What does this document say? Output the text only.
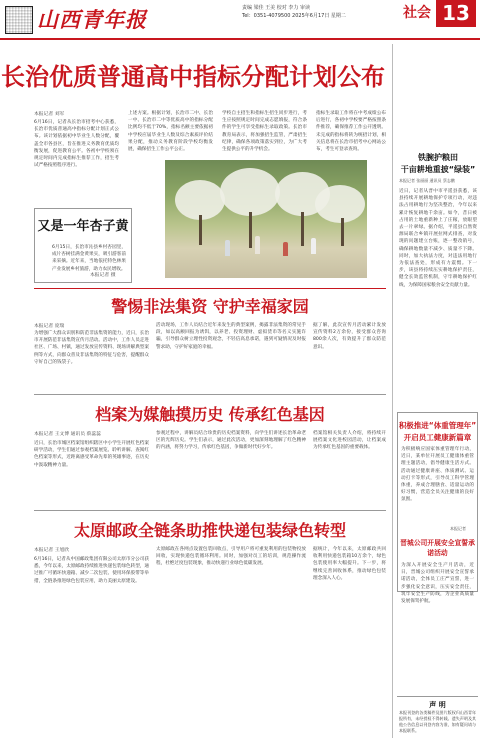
山西青年报	责编 梁佳 王美 校对 李力 审读
Tel：0351-4079500 2025年6月17日 星期二	社会 13
长治优质普通高中指标分配计划公布
本报记者 刘军
6月16日，记者从长治市招考中心获悉，长治市优质普通高中指标分配计划正式公布。该计划依据初中毕业生人数分配，覆盖全市各县区，旨在推进义务教育优质均衡发展，促进教育公平。各初中学校须在规定时间内完成指标生推荐工作，招生考试严格按照程序进行。
上述方案。根据计划，长治市二中、长治一中、长治市二中等优质高中的指标分配比例均不低于70%，指标名额主要依据初中学校应届毕业生人数及综合素质评价结果分配，推动义务教育阶段学校均衡发展，确保招生工作公平公正。
学校自主招生和指标生招生同步进行，考生应按照规定时间完成志愿填报，符合条件的学生可享受指标生录取政策。长治市教育局表示，将加强招生监管，严肃招生纪律，确保各项政策落实到位，为广大考生提供公平的升学机会。
指标生录取工作将在中考成绩公布后进行，各初中学校要严格按照条件推荐，确保推荐工作公开透明。未完成的指标将转为统招计划，相关信息将在长治市招考中心网站公布，考生可登录查询。
又是一年杏子黄
6月15日，长治市沁县乡村杏园里，成片杏树挂满金黄果实，吸引游客前来采摘。近年来，当地依托特色林果产业发展乡村旅游，助力农民增收。
本报记者 摄
警惕非法集资 守护幸福家园
本报记者 庞瑞
为增强广大群众识别和防范非法集资的能力，近日，长治市开展防范非法集资宣传月活动。活动中，工作人员走进社区、广场、村镇，通过发放宣传资料、现场讲解典型案例等方式，向群众普及非法集资的特征与危害，提醒群众守好自己的钱袋子。
活动现场，工作人员结合近年来发生的典型案例，揭露非法集资的常见手段，如以高额回报为诱饵，以养老、投资理财、虚拟货币等名义实施诈骗，引导群众树立理性投资观念，不轻信高息承诺，遇到可疑情况及时报警求助，守护好家庭的幸福。
据了解，此次宣传月活动累计发放宣传资料2万余份，接受群众咨询800余人次，有效提升了群众防范意识。
档案为媒触摸历史 传承红色基因
本报记者 王文博 通讯员 蔡蕊蕊
近日，长治市城区档案馆组织辖区中小学生开展红色档案研学活动，学生们通过参观档案展览、聆听讲解、查阅红色档案等形式，近距离感受革命先辈的英雄事迹，在历史中汲取精神力量。
参观过程中，讲解员结合珍贵的历史档案资料，向学生们讲述长治革命老区的光辉历史。学生们表示，通过此次活动，更加深刻地理解了红色精神的内涵，将努力学习，传承红色基因，争做新时代好少年。
档案馆相关负责人介绍，将持续开展档案文化进校园活动，让档案成为传承红色基因的重要载体。
太原邮政全链条助推快递包装绿色转型
本报记者 王旭欣
6月16日，记者从中国邮政集团有限公司太原市分公司获悉，今年以来，太原邮政持续推进快递包装绿色转型，通过推广可循环快递箱、减少二次包装、使用环保胶带等举措，全链条推进绿色包装应用，助力美丽太原建设。
太原邮政在各网点设置包装回收点，引导用户将可重复利用的包装物投放回收，实现快递包装循环利用。同时，加强对员工的培训，规范操作流程，杜绝过度包装现象，推动快递行业绿色低碳发展。
据统计，今年以来，太原邮政共回收利用快递包装箱10万余个，绿色包装使用率大幅提升。下一步，将继续完善回收体系，推动绿色包装理念深入人心。
铁腕护粮田
干亩耕地重披“绿装”
本报记者 张丽丽 通讯员 蔡志鹏
近日，记者从晋中市平遥县获悉，该县持续开展耕地保护专项行动，对违法占用耕地行为坚决整治，今年以来累计恢复耕地千余亩。如今，昔日被占用的土地重新种上了庄稼，放眼望去一片翠绿。据介绍，平遥县自然资源局联合乡镇开展拉网式排查，对发现的问题建立台账，逐一整改销号，确保耕地数量不减少、质量不下降。同时，加大执法力度，对违法用地行为依法查处，形成有力震慑。下一步，该县将持续压实耕地保护责任，健全长效监管机制，守牢耕地保护红线，为保障国家粮食安全贡献力量。
积极推进“体重管理年”
开启员工健康新篇章
为积极响应国家体重管理年行动，近日，某单位开展员工健康体重管理主题活动，倡导健康生活方式。活动通过健康讲座、体质测试、运动打卡等形式，引导员工科学管理体重，养成合理膳食、适量运动的好习惯，营造全员关注健康的良好氛围。
本报记者
晋城公司开展安全宣誓承诺活动
为深入开展安全生产月活动，近日，晋城公司组织开展安全宣誓承诺活动，全体员工庄严宣誓，进一步强化安全意识，压实安全责任，筑牢安全生产防线，为企业高质量发展保驾护航。
声 明
本报刊登的各类稿件及图片版权归山西青年报所有，未经授权不得转载。遗失声明及其他公告信息以刊登内容为准，如有疑问请与本报联系。
